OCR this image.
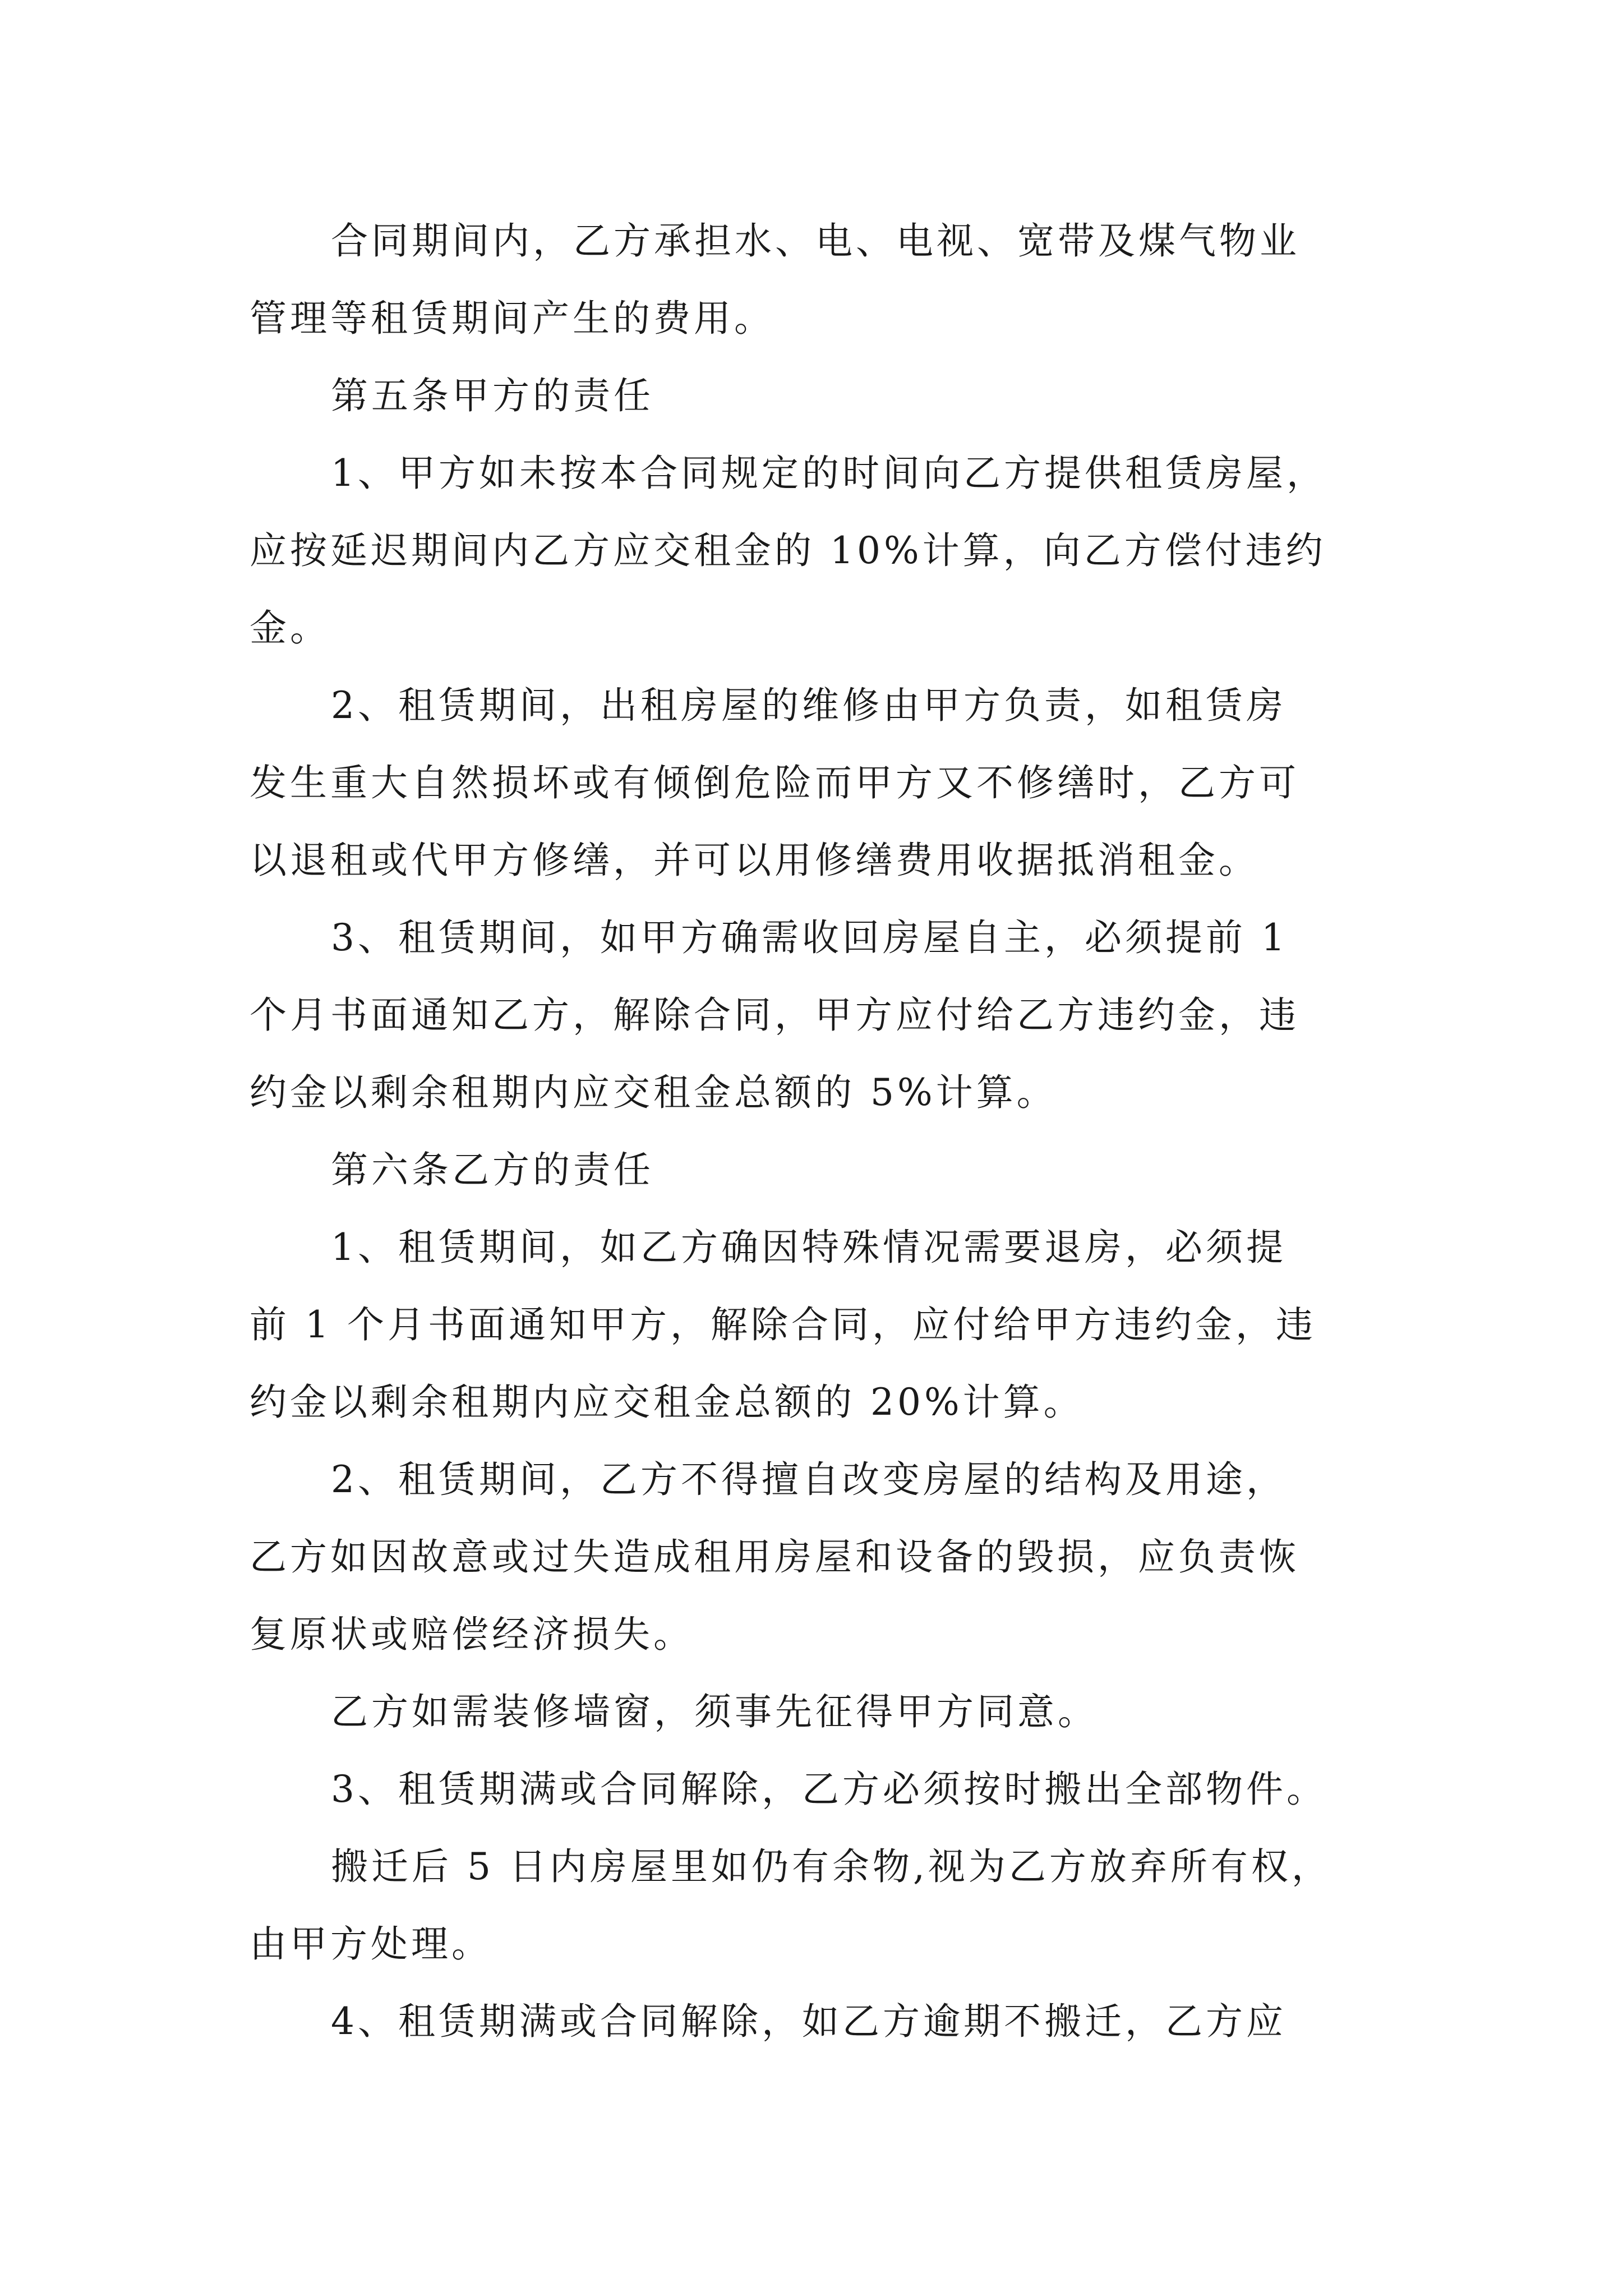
合同期间内，乙方承担水、电、电视、宽带及煤气物业
管理等租赁期间产生的费用。
第五条甲方的责任
1、甲方如未按本合同规定的时间向乙方提供租赁房屋，
应按延迟期间内乙方应交租金的 10%计算，向乙方偿付违约
金。
2、租赁期间，出租房屋的维修由甲方负责，如租赁房
发生重大自然损坏或有倾倒危险而甲方又不修缮时，乙方可
以退租或代甲方修缮，并可以用修缮费用收据抵消租金。
3、租赁期间，如甲方确需收回房屋自主，必须提前 1
个月书面通知乙方，解除合同，甲方应付给乙方违约金，违
约金以剩余租期内应交租金总额的 5%计算。
第六条乙方的责任
1、租赁期间，如乙方确因特殊情况需要退房，必须提
前 1 个月书面通知甲方，解除合同，应付给甲方违约金，违
约金以剩余租期内应交租金总额的 20%计算。
2、租赁期间，乙方不得擅自改变房屋的结构及用途，
乙方如因故意或过失造成租用房屋和设备的毁损，应负责恢
复原状或赔偿经济损失。
乙方如需装修墙窗，须事先征得甲方同意。
3、租赁期满或合同解除，乙方必须按时搬出全部物件。
搬迁后 5 日内房屋里如仍有余物,视为乙方放弃所有权，
由甲方处理。
4、租赁期满或合同解除，如乙方逾期不搬迁，乙方应
